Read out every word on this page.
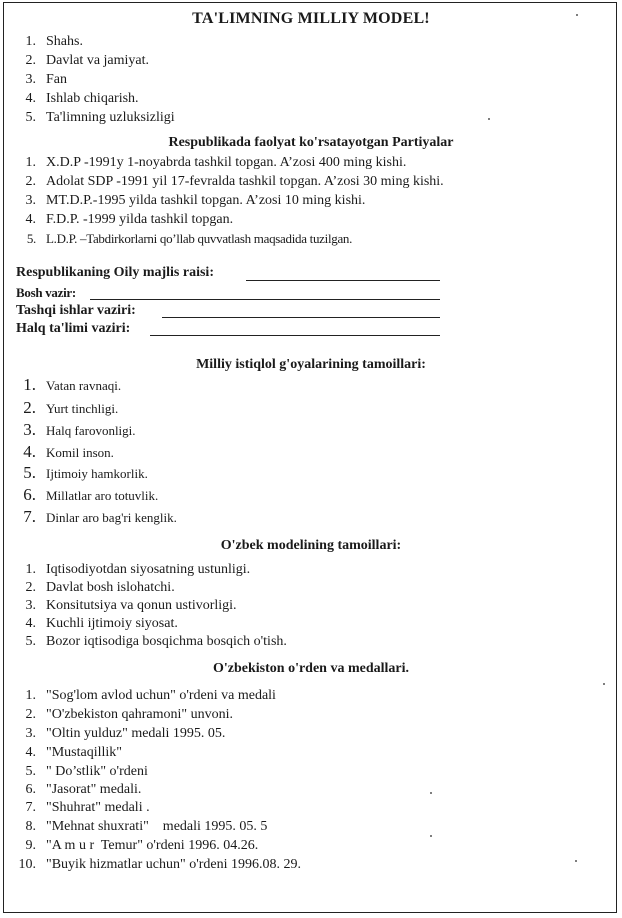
TA'LIMNING MILLIY MODEL!
1. Shahs.
2. Davlat va jamiyat.
3. Fan
4. Ishlab chiqarish.
5. Ta'limning uzluksizligi
Respublikada faolyat ko'rsatayotgan Partiyalar
1. X.D.P -1991y 1-noyabrda tashkil topgan. A’zosi 400 ming kishi.
2. Adolat SDP -1991 yil 17-fevralda tashkil topgan. A’zosi 30 ming kishi.
3. MT.D.P.-1995 yilda tashkil topgan. A’zosi 10 ming kishi.
4. F.D.P. -1999 yilda tashkil topgan.
5. L.D.P. –Tabdirkorlarni qo’llab quvvatlash maqsadida tuzilgan.
Respublikaning Oily majlis raisi:
Bosh vazir:
Tashqi ishlar vaziri:
Halq ta'limi vaziri:
Milliy istiqlol g'oyalarining tamoillari:
1. Vatan ravnaqi.
2. Yurt tinchligi.
3. Halq farovonligi.
4. Komil inson.
5. Ijtimoiy hamkorlik.
6. Millatlar aro totuvlik.
7. Dinlar aro bag'ri kenglik.
O'zbek modelining tamoillari:
1. Iqtisodiyotdan siyosatning ustunligi.
2. Davlat bosh islohatchi.
3. Konsitutsiya va qonun ustivorligi.
4. Kuchli ijtimoiy siyosat.
5. Bozor iqtisodiga bosqichma bosqich o'tish.
O'zbekiston o'rden va medallari.
1. "Sog'lom avlod uchun" o'rdeni va medali
2. "O'zbekiston qahramoni" unvoni.
3. "Oltin yulduz" medali 1995. 05.
4. "Mustaqillik"
5. " Do’stlik" o'rdeni
6. "Jasorat" medali.
7. "Shuhrat" medali .
8. "Mehnat shuxrati"    medali 1995. 05. 5
9. "A m u r  Temur" o'rdeni 1996. 04.26.
10. "Buyik hizmatlar uchun" o'rdeni 1996.08. 29.
